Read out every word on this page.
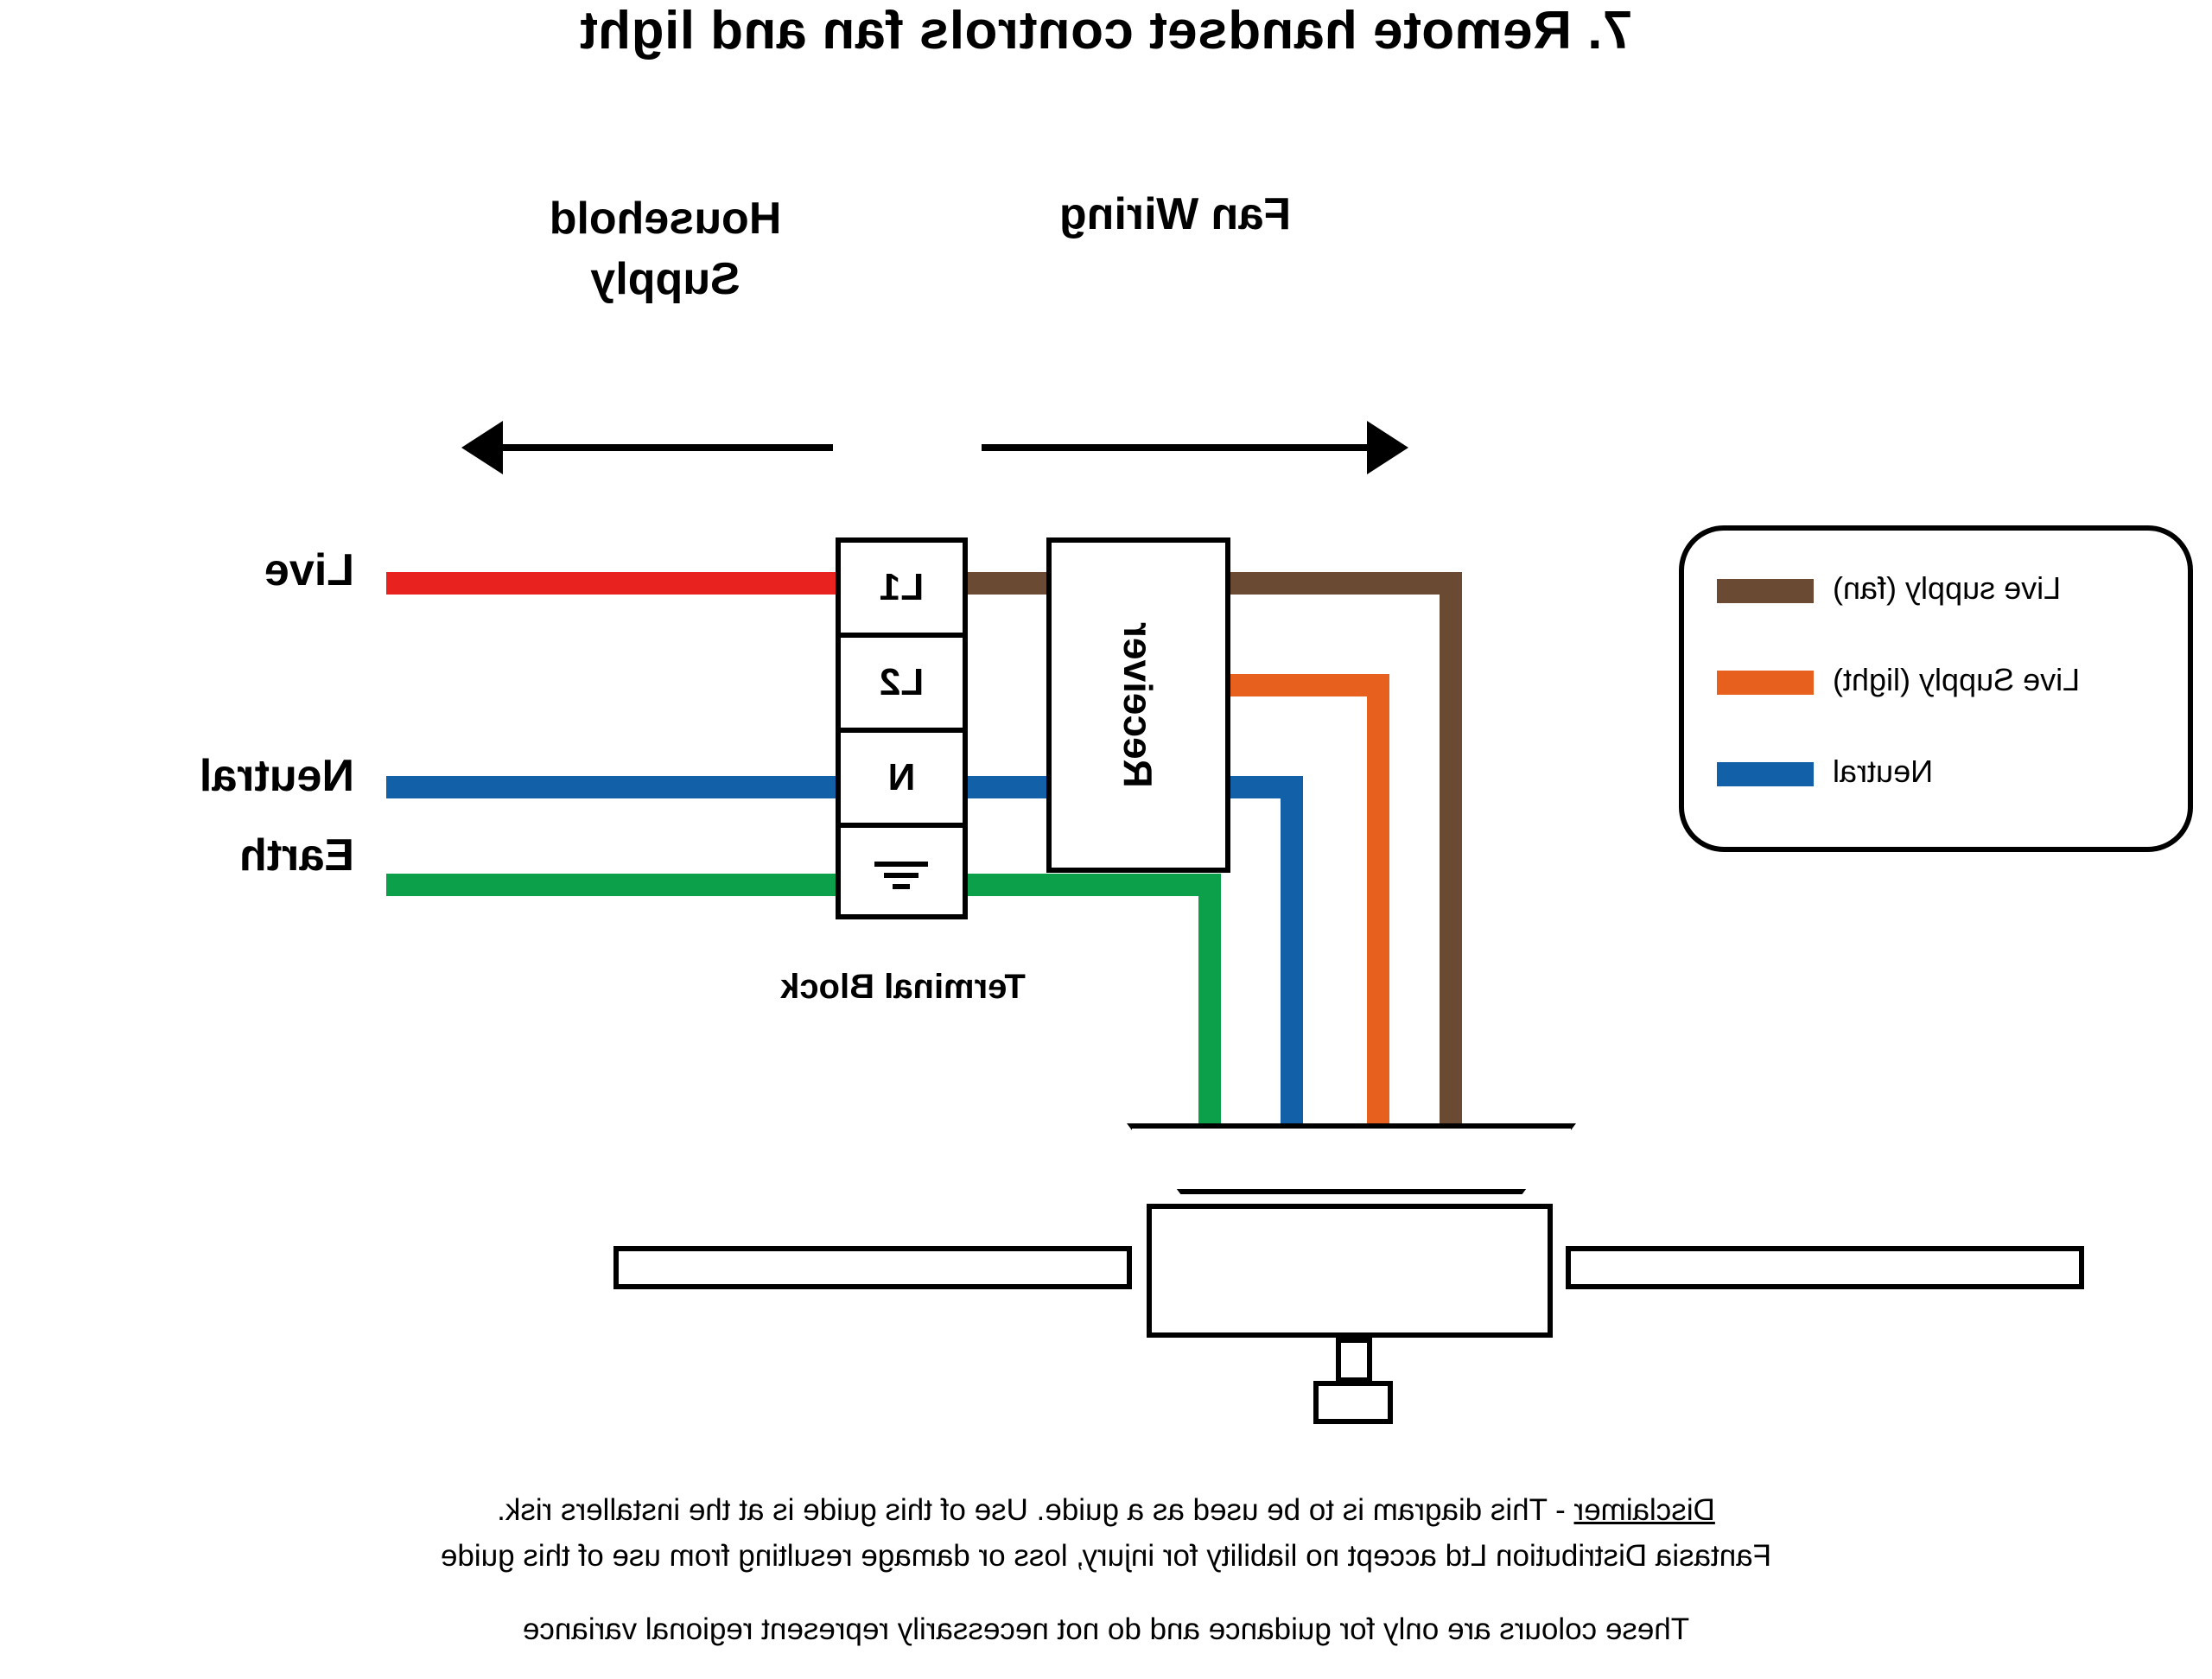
7. Remote handset controls fan and light
Household
Supply
Fan Wiring
Live supply (fan)
Live Supply (light)
Neutral
Receiver
L1
L2
N
Terminal Block
Live
Neutral
Earth
Disclaimer - This diagram is to be used as a guide. Use of this guide is at the installers risk.
Fantasia Distribution Ltd accept no liability for injury, loss or damage resulting from use of this guide
These colours are only for guidance and do not necessarily represent regional variance
